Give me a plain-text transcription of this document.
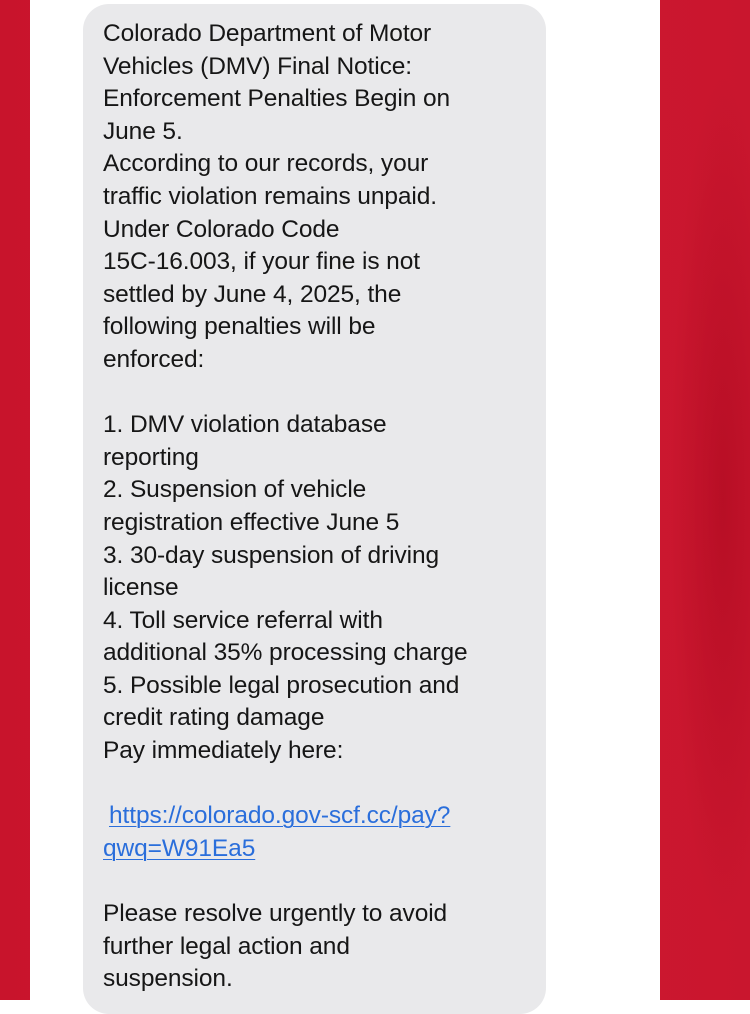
Colorado Department of Motor
Vehicles (DMV) Final Notice:
Enforcement Penalties Begin on
June 5.
According to our records, your
traffic violation remains unpaid.
Under Colorado Code
15C-16.003, if your fine is not
settled by June 4, 2025, the
following penalties will be
enforced:
1. DMV violation database
reporting
2. Suspension of vehicle
registration effective June 5
3. 30-day suspension of driving
license
4. Toll service referral with
additional 35% processing charge
5. Possible legal prosecution and
credit rating damage
Pay immediately here:
https://colorado.gov-scf.cc/pay?
qwq=W91Ea5
Please resolve urgently to avoid
further legal action and
suspension.
